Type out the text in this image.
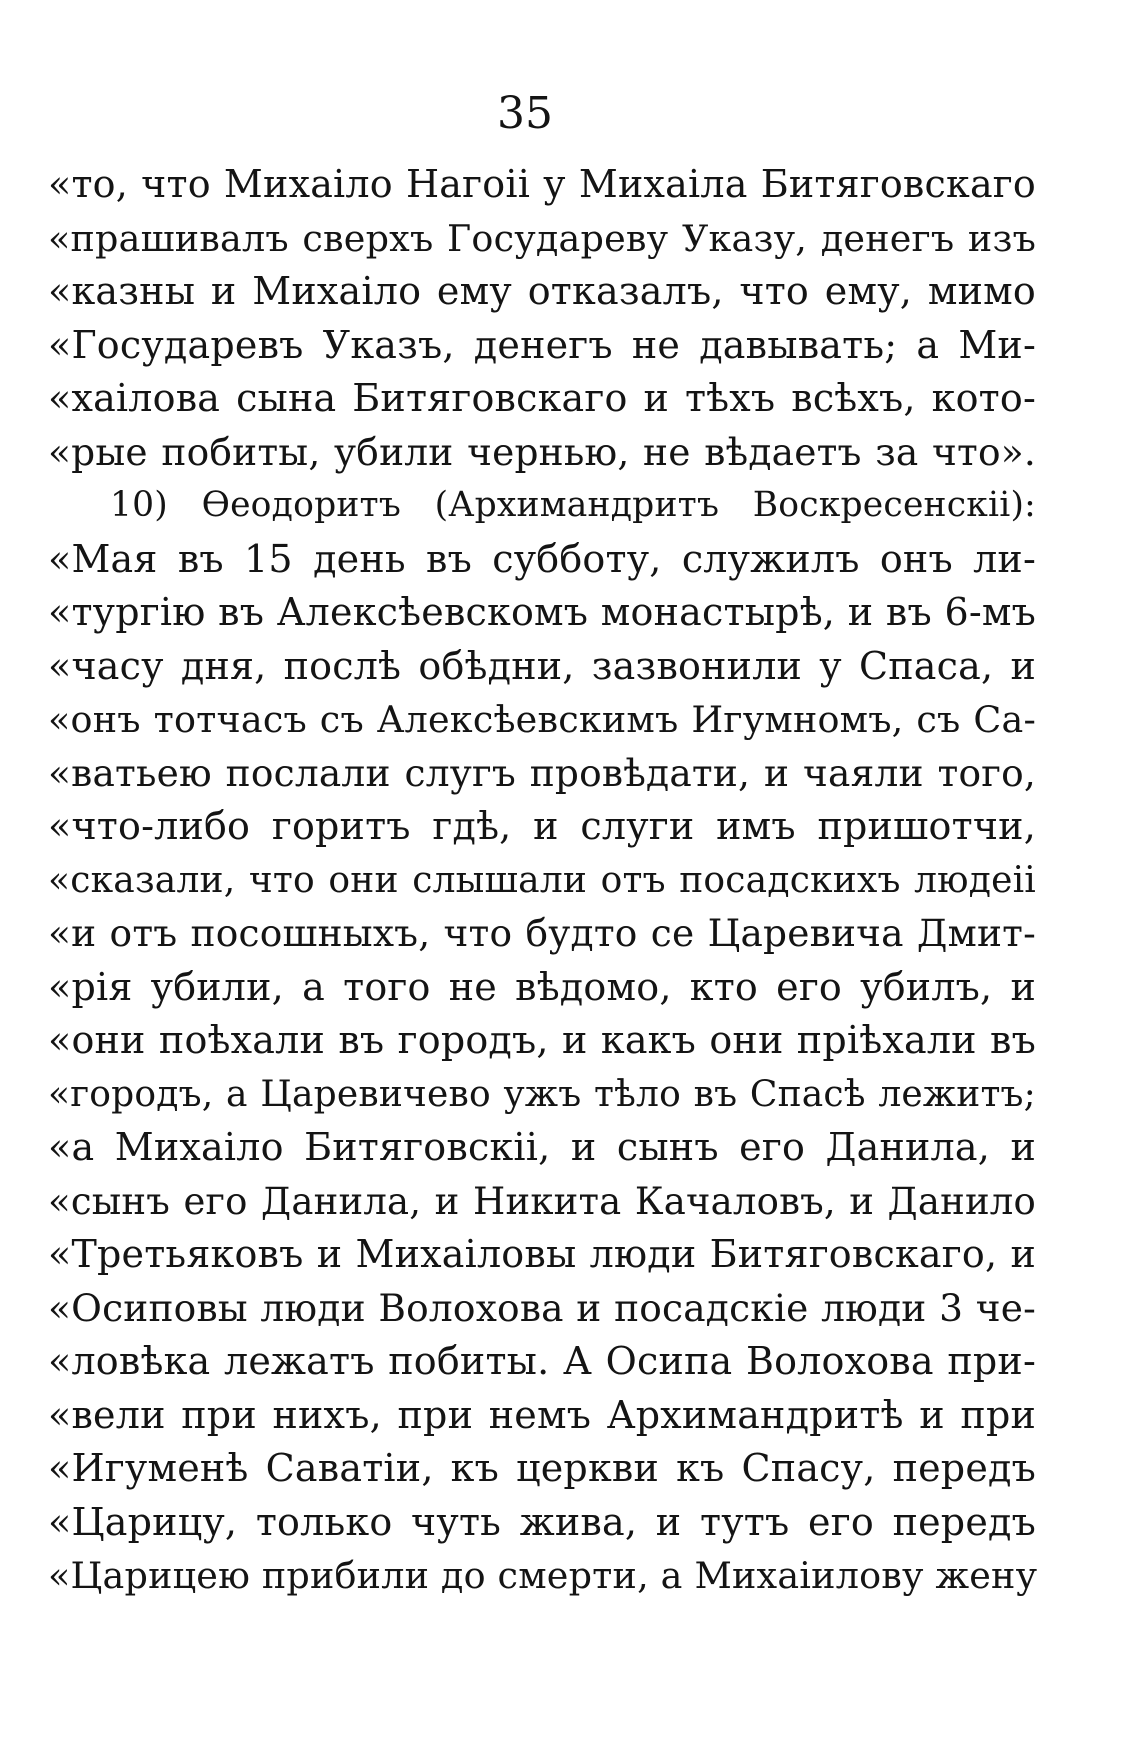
35
«то, что Михаіло Нагоіі у Михаіла Битяговскаго
«прашивалъ сверхъ Государеву Указу, денегъ изъ
«казны и Михаіло ему отказалъ, что ему, мимо
«Государевъ Указъ, денегъ не давывать; а Ми-
«хаіловa сына Битяговскаго и тѣхъ всѣхъ, кото-
«рые побиты, убили чернью, не вѣдаетъ за что».
10) Ѳеодоритъ (Архимандритъ Воскресенскіі):
«Мая въ 15 день въ субботу, служилъ онъ ли-
«тургію въ Алексѣевскомъ монастырѣ, и въ 6-мъ
«часу дня, послѣ обѣдни, зазвонили у Спаса, и
«онъ тотчасъ съ Алексѣевскимъ Игумномъ, съ Са-
«ватьею послали слугъ провѣдати, и чаяли того,
«что-либо горитъ гдѣ, и слуги имъ пришотчи,
«сказали, что они слышали отъ посадскихъ людеіі
«и отъ посошныхъ, что будто се Царевича Дмит-
«рія убили, а того не вѣдомо, кто его убилъ, и
«они поѣхали въ городъ, и какъ они пріѣхали въ
«городъ, а Царевичево ужъ тѣло въ Спасѣ лежитъ;
«а Михаіло Битяговскіі, и сынъ его Данила, и
«сынъ его Данила, и Никита Качаловъ, и Данило
«Третьяковъ и Михаіловы люди Битяговскаго, и
«Осиповы люди Волохова и посадскіе люди 3 че-
«ловѣка лежатъ побиты. А Осипа Волохова при-
«вели при нихъ, при немъ Архимандритѣ и при
«Игуменѣ Саватіи, къ церкви къ Спасу, передъ
«Царицу, только чуть жива, и тутъ его передъ
«Царицею прибили до смерти, а Михаіилову жену
